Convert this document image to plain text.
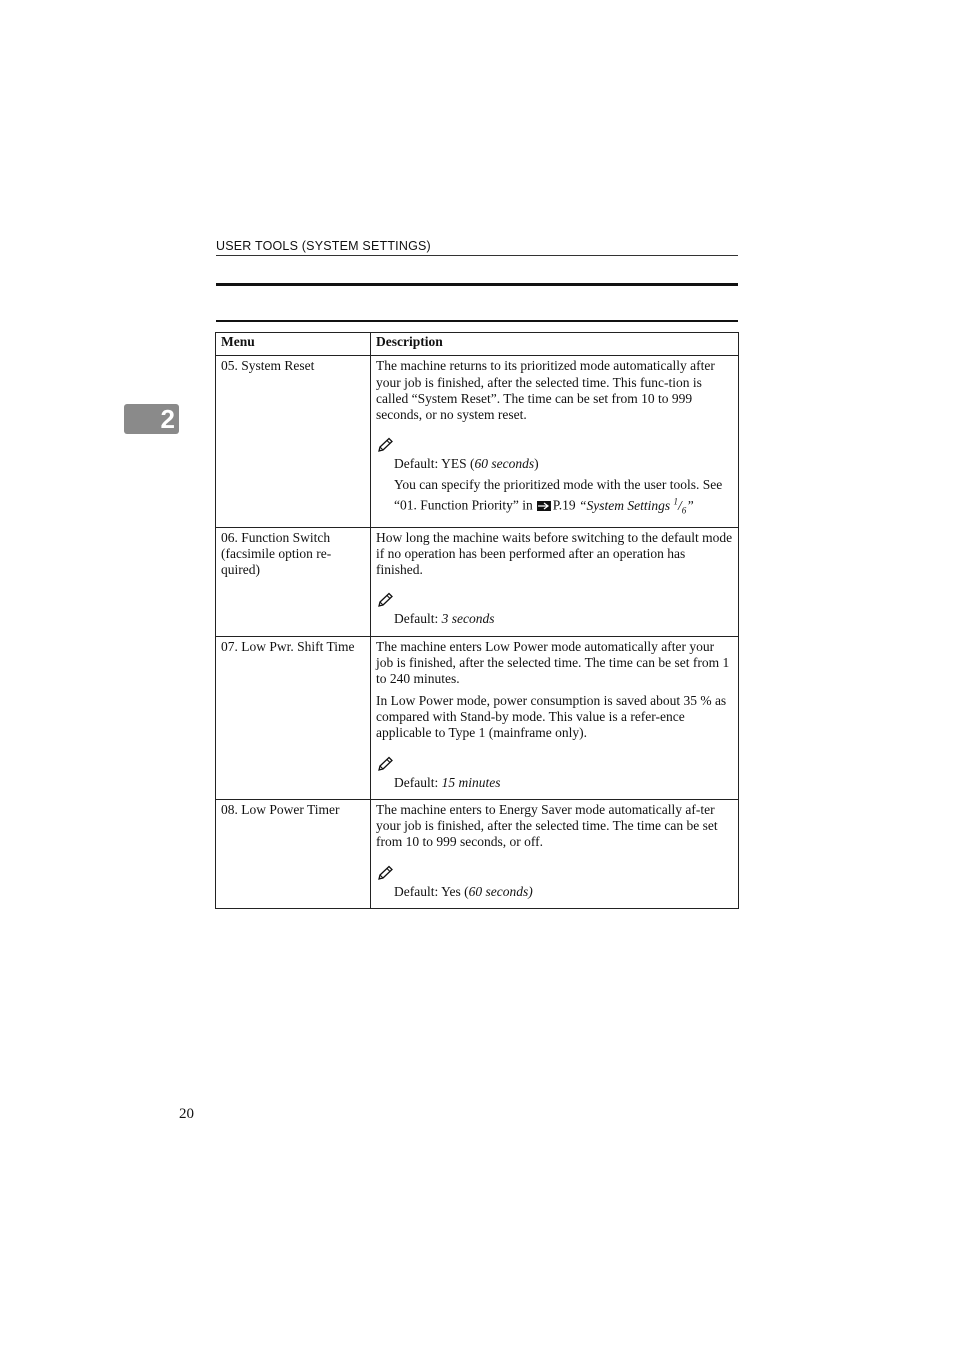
USER TOOLS (SYSTEM SETTINGS)
2
Menu	Description
05. System Reset	The machine returns to its prioritized mode automatically after your job is finished, after the selected time. This func-tion is called “System Reset”. The time can be set from 10 to 999 seconds, or no system reset.

Default: YES (60 seconds)

You can specify the prioritized mode with the user tools. See “01. Function Priority” in P.19 “System Settings $^1/_6$”

06. Function Switch (facsimile option re-quired)	How long the machine waits before switching to the default mode if no operation has been performed after an operation has finished.

Default: 3 seconds

07. Low Pwr. Shift Time	The machine enters Low Power mode automatically after your job is finished, after the selected time. The time can be set from 1 to 240 minutes.

In Low Power mode, power consumption is saved about 35 % as compared with Stand-by mode. This value is a refer-ence applicable to Type 1 (mainframe only).

Default: 15 minutes

08. Low Power Timer	The machine enters to Energy Saver mode automatically af-ter your job is finished, after the selected time. The time can be set from 10 to 999 seconds, or off.

Default: Yes (60 seconds)

20
